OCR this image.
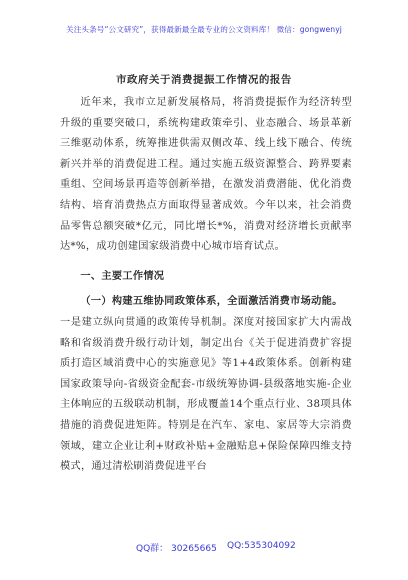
关注头条号“公文研究”，获得最新最全最专业的公文资料库！ 微信：gongwenyj
市政府关于消费提振工作情况的报告

近年来，我市立足新发展格局，将消费提振作为经济转型升级的重要突破口，系统构建政策牵引、业态融合、场景革新三维驱动体系，统筹推进供需双侧改革、线上线下融合、传统新兴并举的消费促进工程。通过实施五级资源整合、跨界要素重组、空间场景再造等创新举措，在激发消费潜能、优化消费结构、培育消费热点方面取得显著成效。今年以来，社会消费品零售总额突破*亿元，同比增长*%，消费对经济增长贡献率达*%，成功创建国家级消费中心城市培育试点。

一、主要工作情况

（一）构建五维协同政策体系，全面激活消费市场动能。

一是建立纵向贯通的政策传导机制。深度对接国家扩大内需战略和省级消费升级行动计划，制定出台《关于促进消费扩容提质打造区域消费中心的实施意见》等1+4政策体系。创新构建国家政策导向-省级资金配套-市级统筹协调-县级落地实施-企业主体响应的五级联动机制，形成覆盖14个重点行业、38项具体措施的消费促进矩阵。特别是在汽车、家电、家居等大宗消费领域，建立企业让利+财政补贴+金融贴息+保险保障四维支持模式，通过清松刷消费促进平台

QQ群： 30265665 QQ:535304092
